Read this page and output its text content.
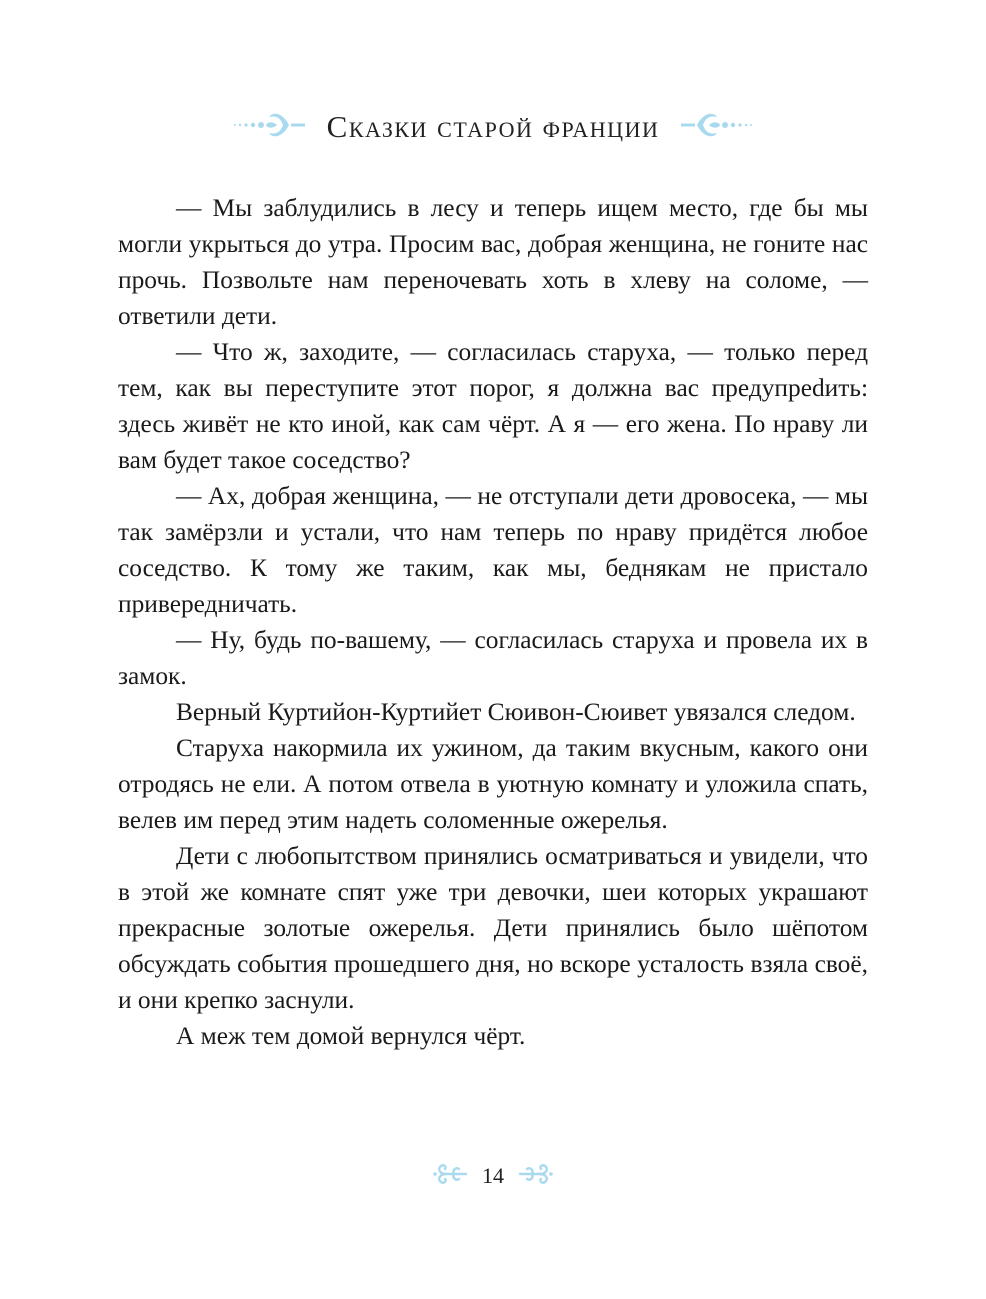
Сказки старой франции

— Мы заблудились в лесу и теперь ищем место, где бы мы могли укрыться до утра. Просим вас, добрая женщина, не гоните нас прочь. Позвольте нам переночевать хоть в хлеву на соломе, — ответили дети.

— Что ж, заходите, — согласилась старуха, — только перед тем, как вы переступите этот порог, я должна вас предупреdить: здесь живёт не кто иной, как сам чёрт. А я — его жена. По нраву ли вам будет такое соседство?

— Ах, добрая женщина, — не отступали дети дровосека, — мы так замёрзли и устали, что нам теперь по нраву придётся любое соседство. К тому же таким, как мы, беднякам не пристало привередничать.

— Ну, будь по-вашему, — согласилась старуха и провела их в замок.

Верный Куртийон-Куртийет Сюивон-Сюивет увязался следом.

Старуха накормила их ужином, да таким вкусным, какого они отродясь не ели. А потом отвела в уютную комнату и уложила спать, велев им перед этим надеть соломенные ожерелья.

Дети с любопытством принялись осматриваться и увидели, что в этой же комнате спят уже три девочки, шеи которых украшают прекрасные золотые ожерелья. Дети принялись было шёпотом обсуждать события прошедшего дня, но вскоре усталость взяла своё, и они крепко заснули.

А меж тем домой вернулся чёрт.

14
